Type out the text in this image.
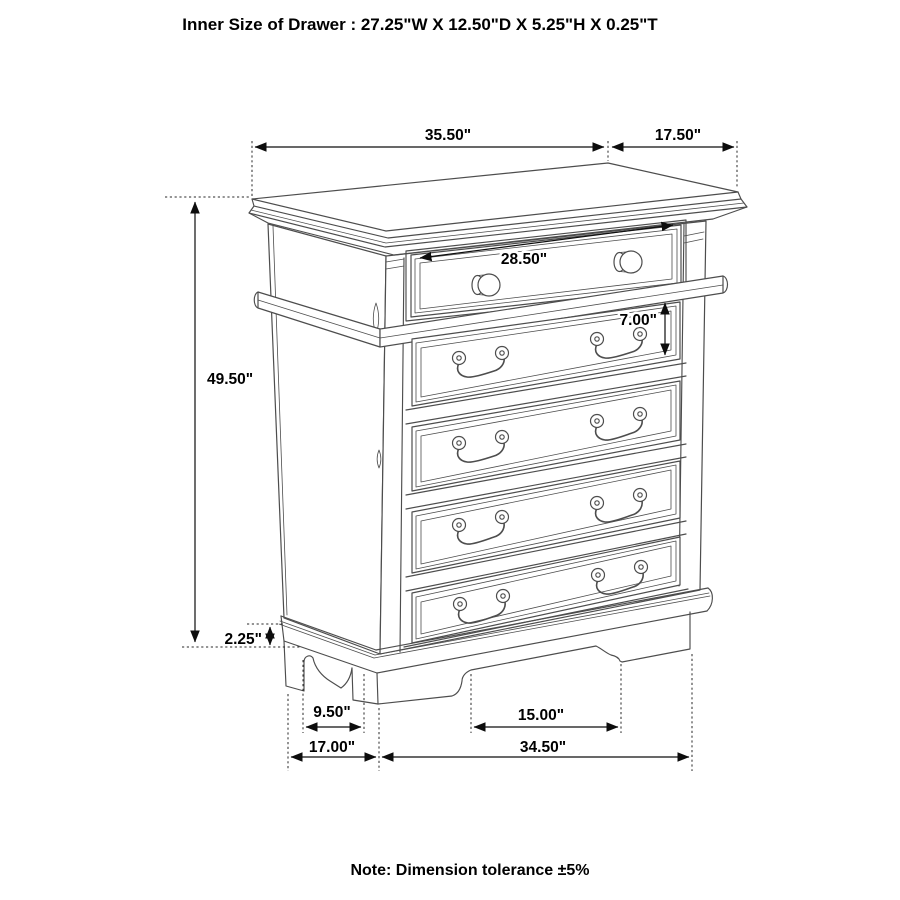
35.50"	17.50"
28.50"
7.00"
49.50"
2.25"
9.50"
17.00"
15.00"
34.50"
Inner Size of Drawer : 27.25"W X 12.50"D X 5.25"H X 0.25"T
Note: Dimension tolerance ±5%
